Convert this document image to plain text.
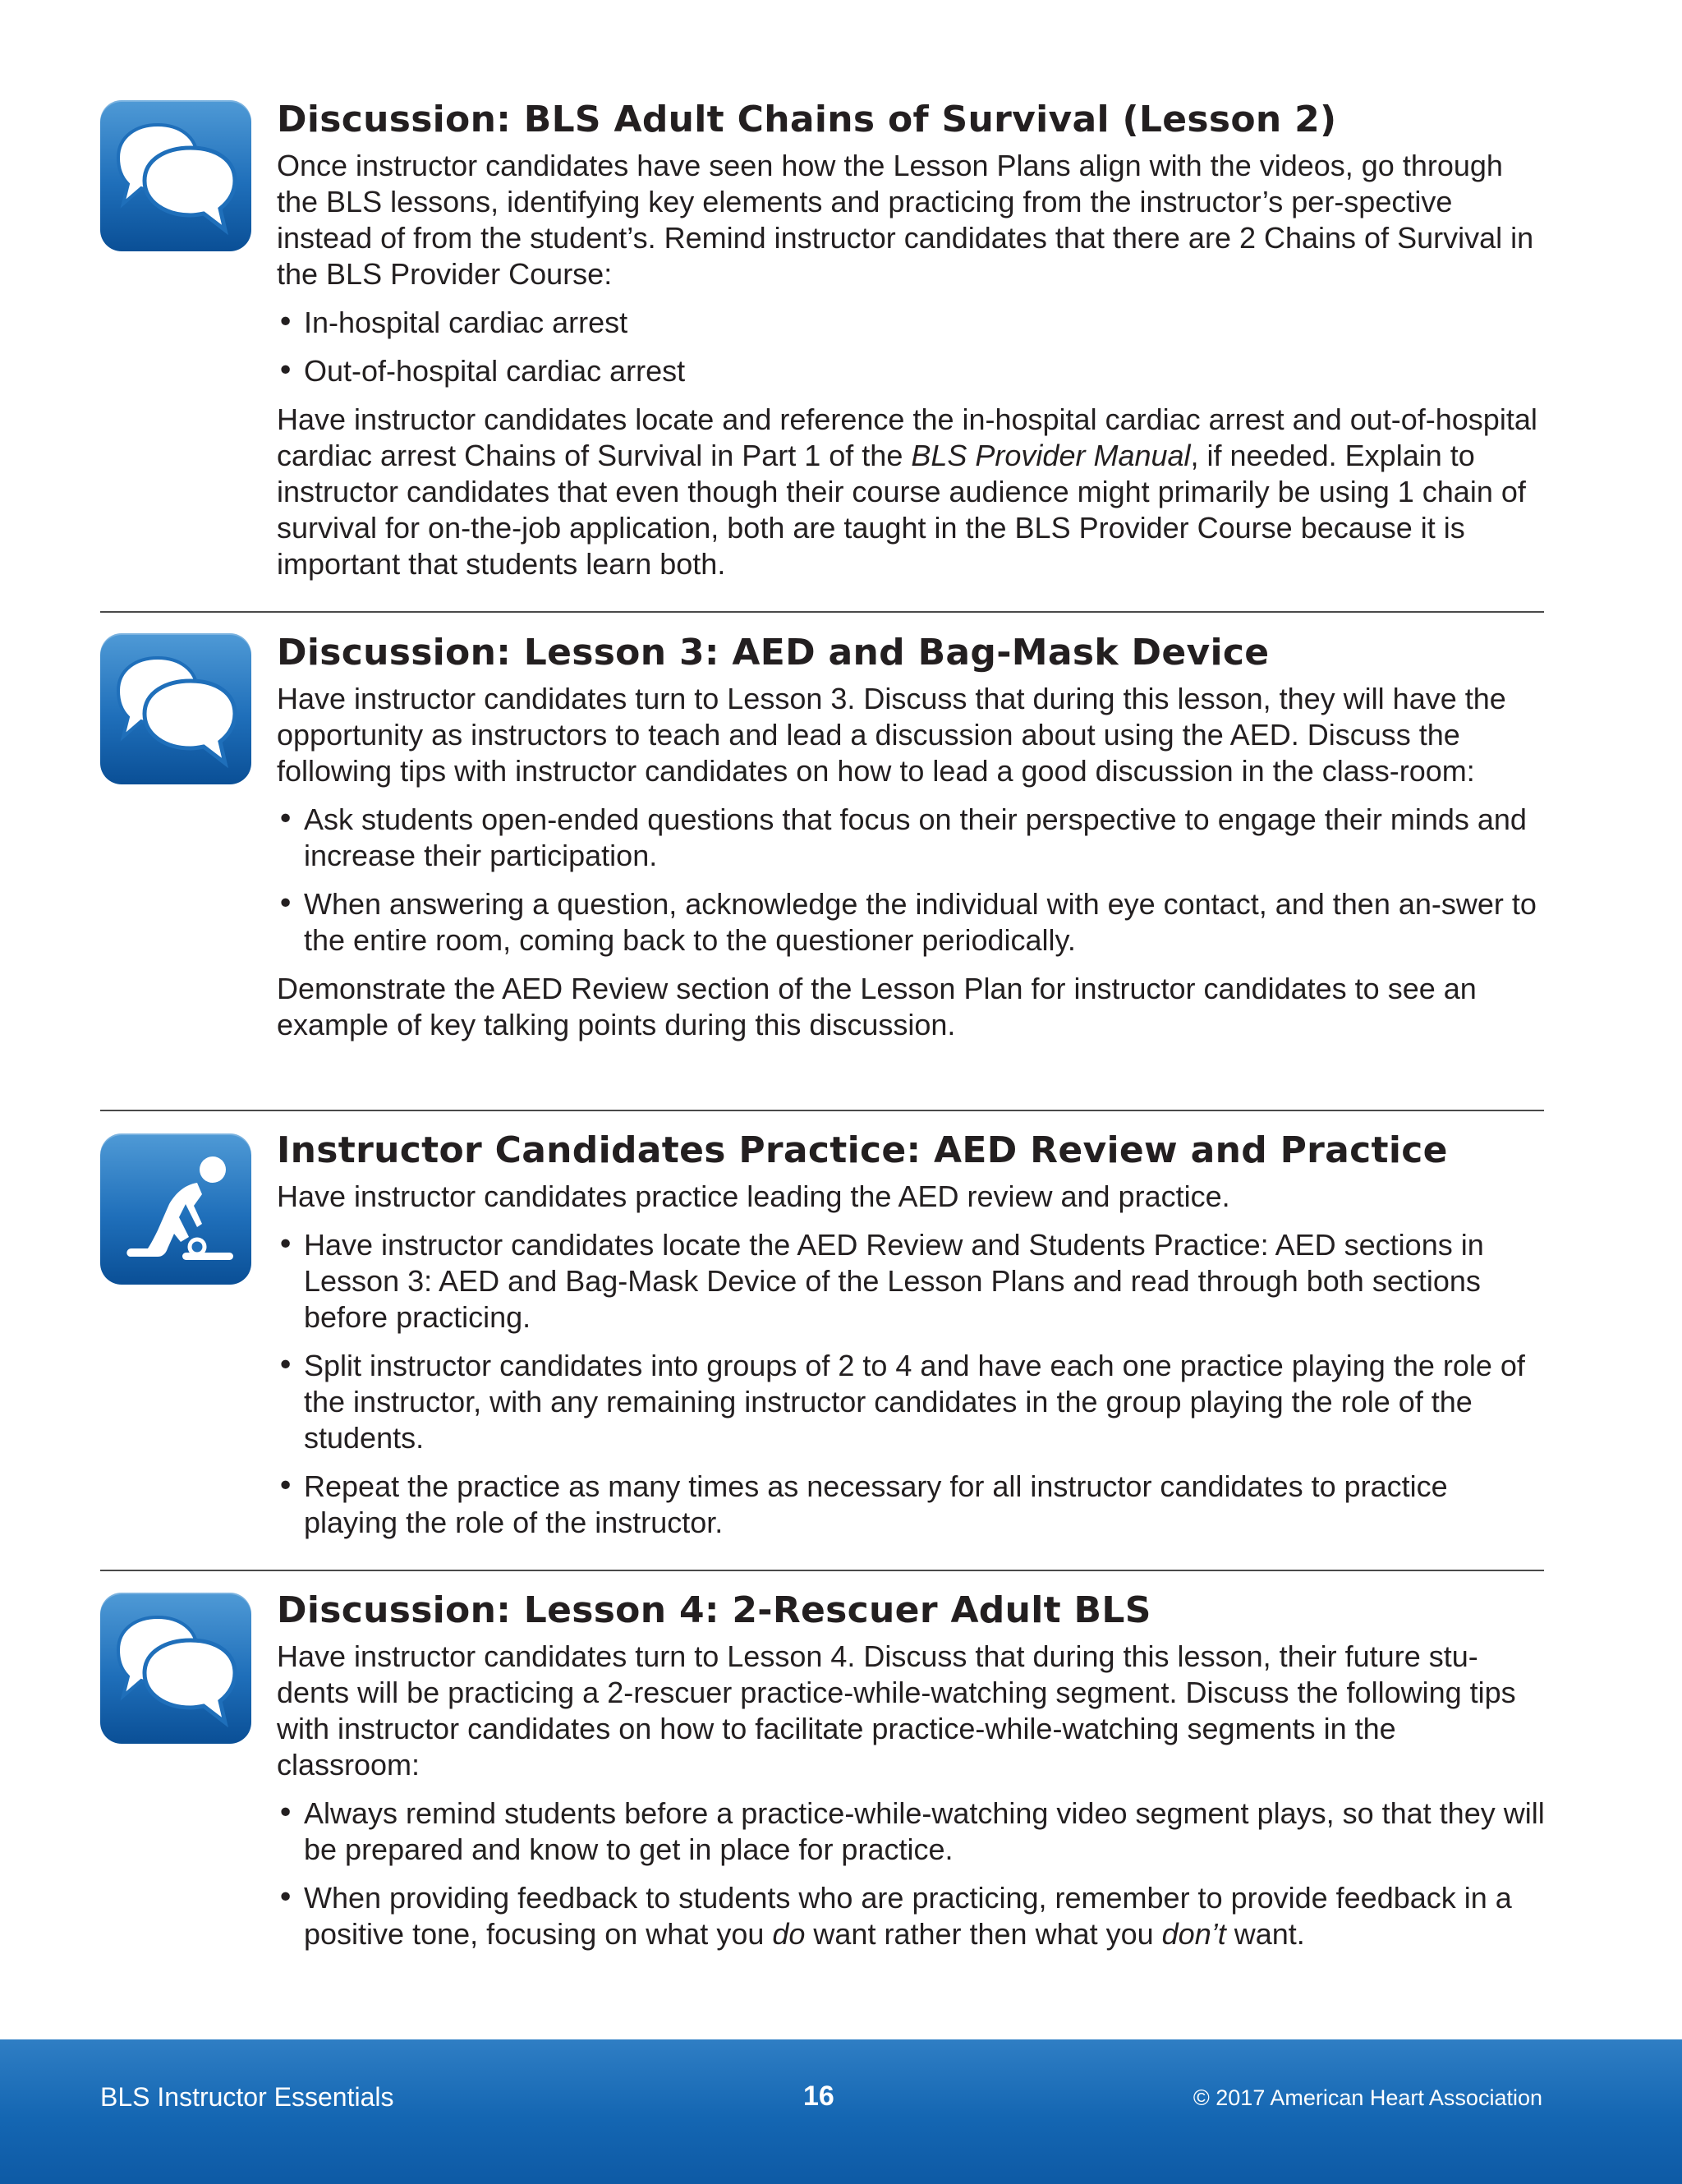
Discussion: BLS Adult Chains of Survival (Lesson 2)

Once instructor candidates have seen how the Lesson Plans align with the videos, go through the BLS lessons, identifying key elements and practicing from the instructor’s per-spective instead of from the student’s. Remind instructor candidates that there are 2 Chains of Survival in the BLS Provider Course:

• In-hospital cardiac arrest
• Out-of-hospital cardiac arrest

Have instructor candidates locate and reference the in-hospital cardiac arrest and out-of-hospital cardiac arrest Chains of Survival in Part 1 of the BLS Provider Manual, if needed. Explain to instructor candidates that even though their course audience might primarily be using 1 chain of survival for on-the-job application, both are taught in the BLS Provider Course because it is important that students learn both.

Discussion: Lesson 3: AED and Bag-Mask Device

Have instructor candidates turn to Lesson 3. Discuss that during this lesson, they will have the opportunity as instructors to teach and lead a discussion about using the AED. Discuss the following tips with instructor candidates on how to lead a good discussion in the class-room:

• Ask students open-ended questions that focus on their perspective to engage their minds and increase their participation.
• When answering a question, acknowledge the individual with eye contact, and then an-swer to the entire room, coming back to the questioner periodically.

Demonstrate the AED Review section of the Lesson Plan for instructor candidates to see an example of key talking points during this discussion.

Instructor Candidates Practice: AED Review and Practice

Have instructor candidates practice leading the AED review and practice.

• Have instructor candidates locate the AED Review and Students Practice: AED sections in Lesson 3: AED and Bag-Mask Device of the Lesson Plans and read through both sections before practicing.
• Split instructor candidates into groups of 2 to 4 and have each one practice playing the role of the instructor, with any remaining instructor candidates in the group playing the role of the students.
• Repeat the practice as many times as necessary for all instructor candidates to practice playing the role of the instructor.
Discussion: Lesson 4: 2-Rescuer Adult BLS

Have instructor candidates turn to Lesson 4. Discuss that during this lesson, their future stu-dents will be practicing a 2-rescuer practice-while-watching segment. Discuss the following tips with instructor candidates on how to facilitate practice-while-watching segments in the classroom:

• Always remind students before a practice-while-watching video segment plays, so that they will be prepared and know to get in place for practice.
• When providing feedback to students who are practicing, remember to provide feedback in a positive tone, focusing on what you do want rather then what you don’t want.
BLS Instructor Essentials	16	© 2017 American Heart Association
